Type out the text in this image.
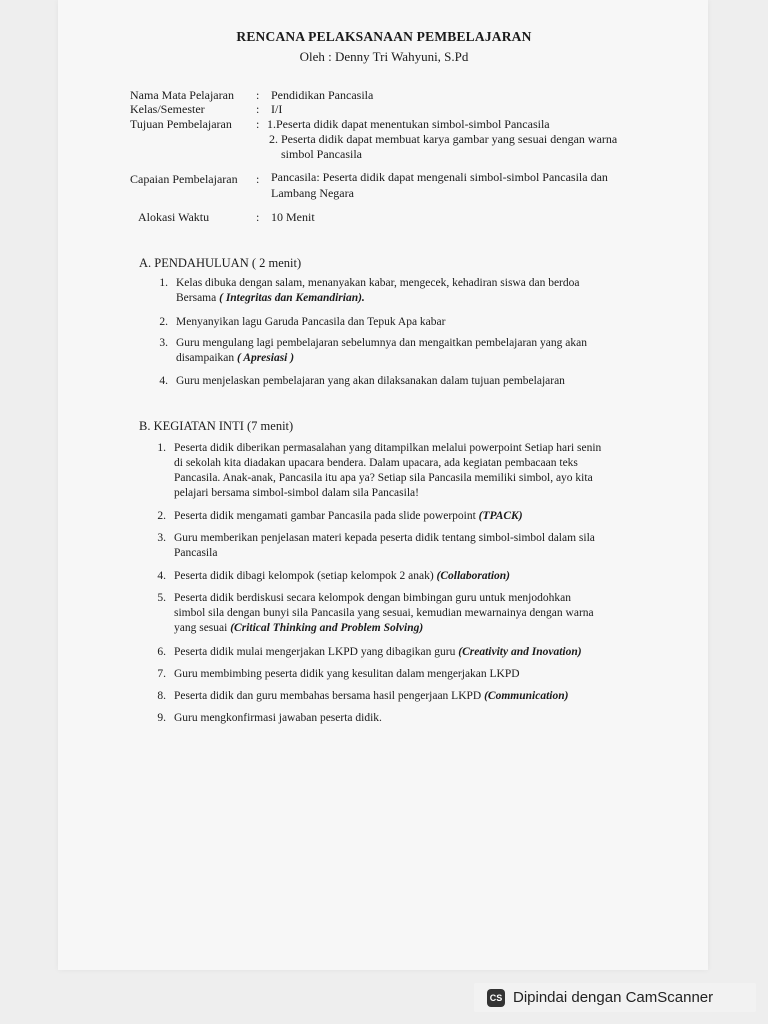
RENCANA PELAKSANAAN PEMBELAJARAN
Oleh : Denny Tri Wahyuni, S.Pd
Nama Mata Pelajaran : Pendidikan Pancasila
Kelas/Semester	: I/I
Tujuan Pembelajaran : 1.Peserta didik dapat menentukan simbol-simbol Pancasila
2. Peserta didik dapat membuat karya gambar yang sesuai dengan warna
simbol Pancasila
Capaian Pembelajaran : Pancasila: Peserta didik dapat mengenali simbol-simbol Pancasila dan
Lambang Negara
Alokasi Waktu	: 10 Menit
A. PENDAHULUAN ( 2 menit)
1. Kelas dibuka dengan salam, menanyakan kabar, mengecek, kehadiran siswa dan berdoa
Bersama ( Integritas dan Kemandirian).
2. Menyanyikan lagu Garuda Pancasila dan Tepuk Apa kabar
3. Guru mengulang lagi pembelajaran sebelumnya dan mengaitkan pembelajaran yang akan
disampaikan ( Apresiasi )
4. Guru menjelaskan pembelajaran yang akan dilaksanakan dalam tujuan pembelajaran
B. KEGIATAN INTI (7 menit)
1. Peserta didik diberikan permasalahan yang ditampilkan melalui powerpoint Setiap hari senin
di sekolah kita diadakan upacara bendera. Dalam upacara, ada kegiatan pembacaan teks
Pancasila. Anak-anak, Pancasila itu apa ya? Setiap sila Pancasila memiliki simbol, ayo kita
pelajari bersama simbol-simbol dalam sila Pancasila!
2. Peserta didik mengamati gambar Pancasila pada slide powerpoint (TPACK)
3. Guru memberikan penjelasan materi kepada peserta didik tentang simbol-simbol dalam sila
Pancasila
4. Peserta didik dibagi kelompok (setiap kelompok 2 anak) (Collaboration)
5. Peserta didik berdiskusi secara kelompok dengan bimbingan guru untuk menjodohkan
simbol sila dengan bunyi sila Pancasila yang sesuai, kemudian mewarnainya dengan warna
yang sesuai (Critical Thinking and Problem Solving)
6. Peserta didik mulai mengerjakan LKPD yang dibagikan guru (Creativity and Inovation)
7. Guru membimbing peserta didik yang kesulitan dalam mengerjakan LKPD
8. Peserta didik dan guru membahas bersama hasil pengerjaan LKPD (Communication)
9. Guru mengkonfirmasi jawaban peserta didik.
CS Dipindai dengan CamScanner
